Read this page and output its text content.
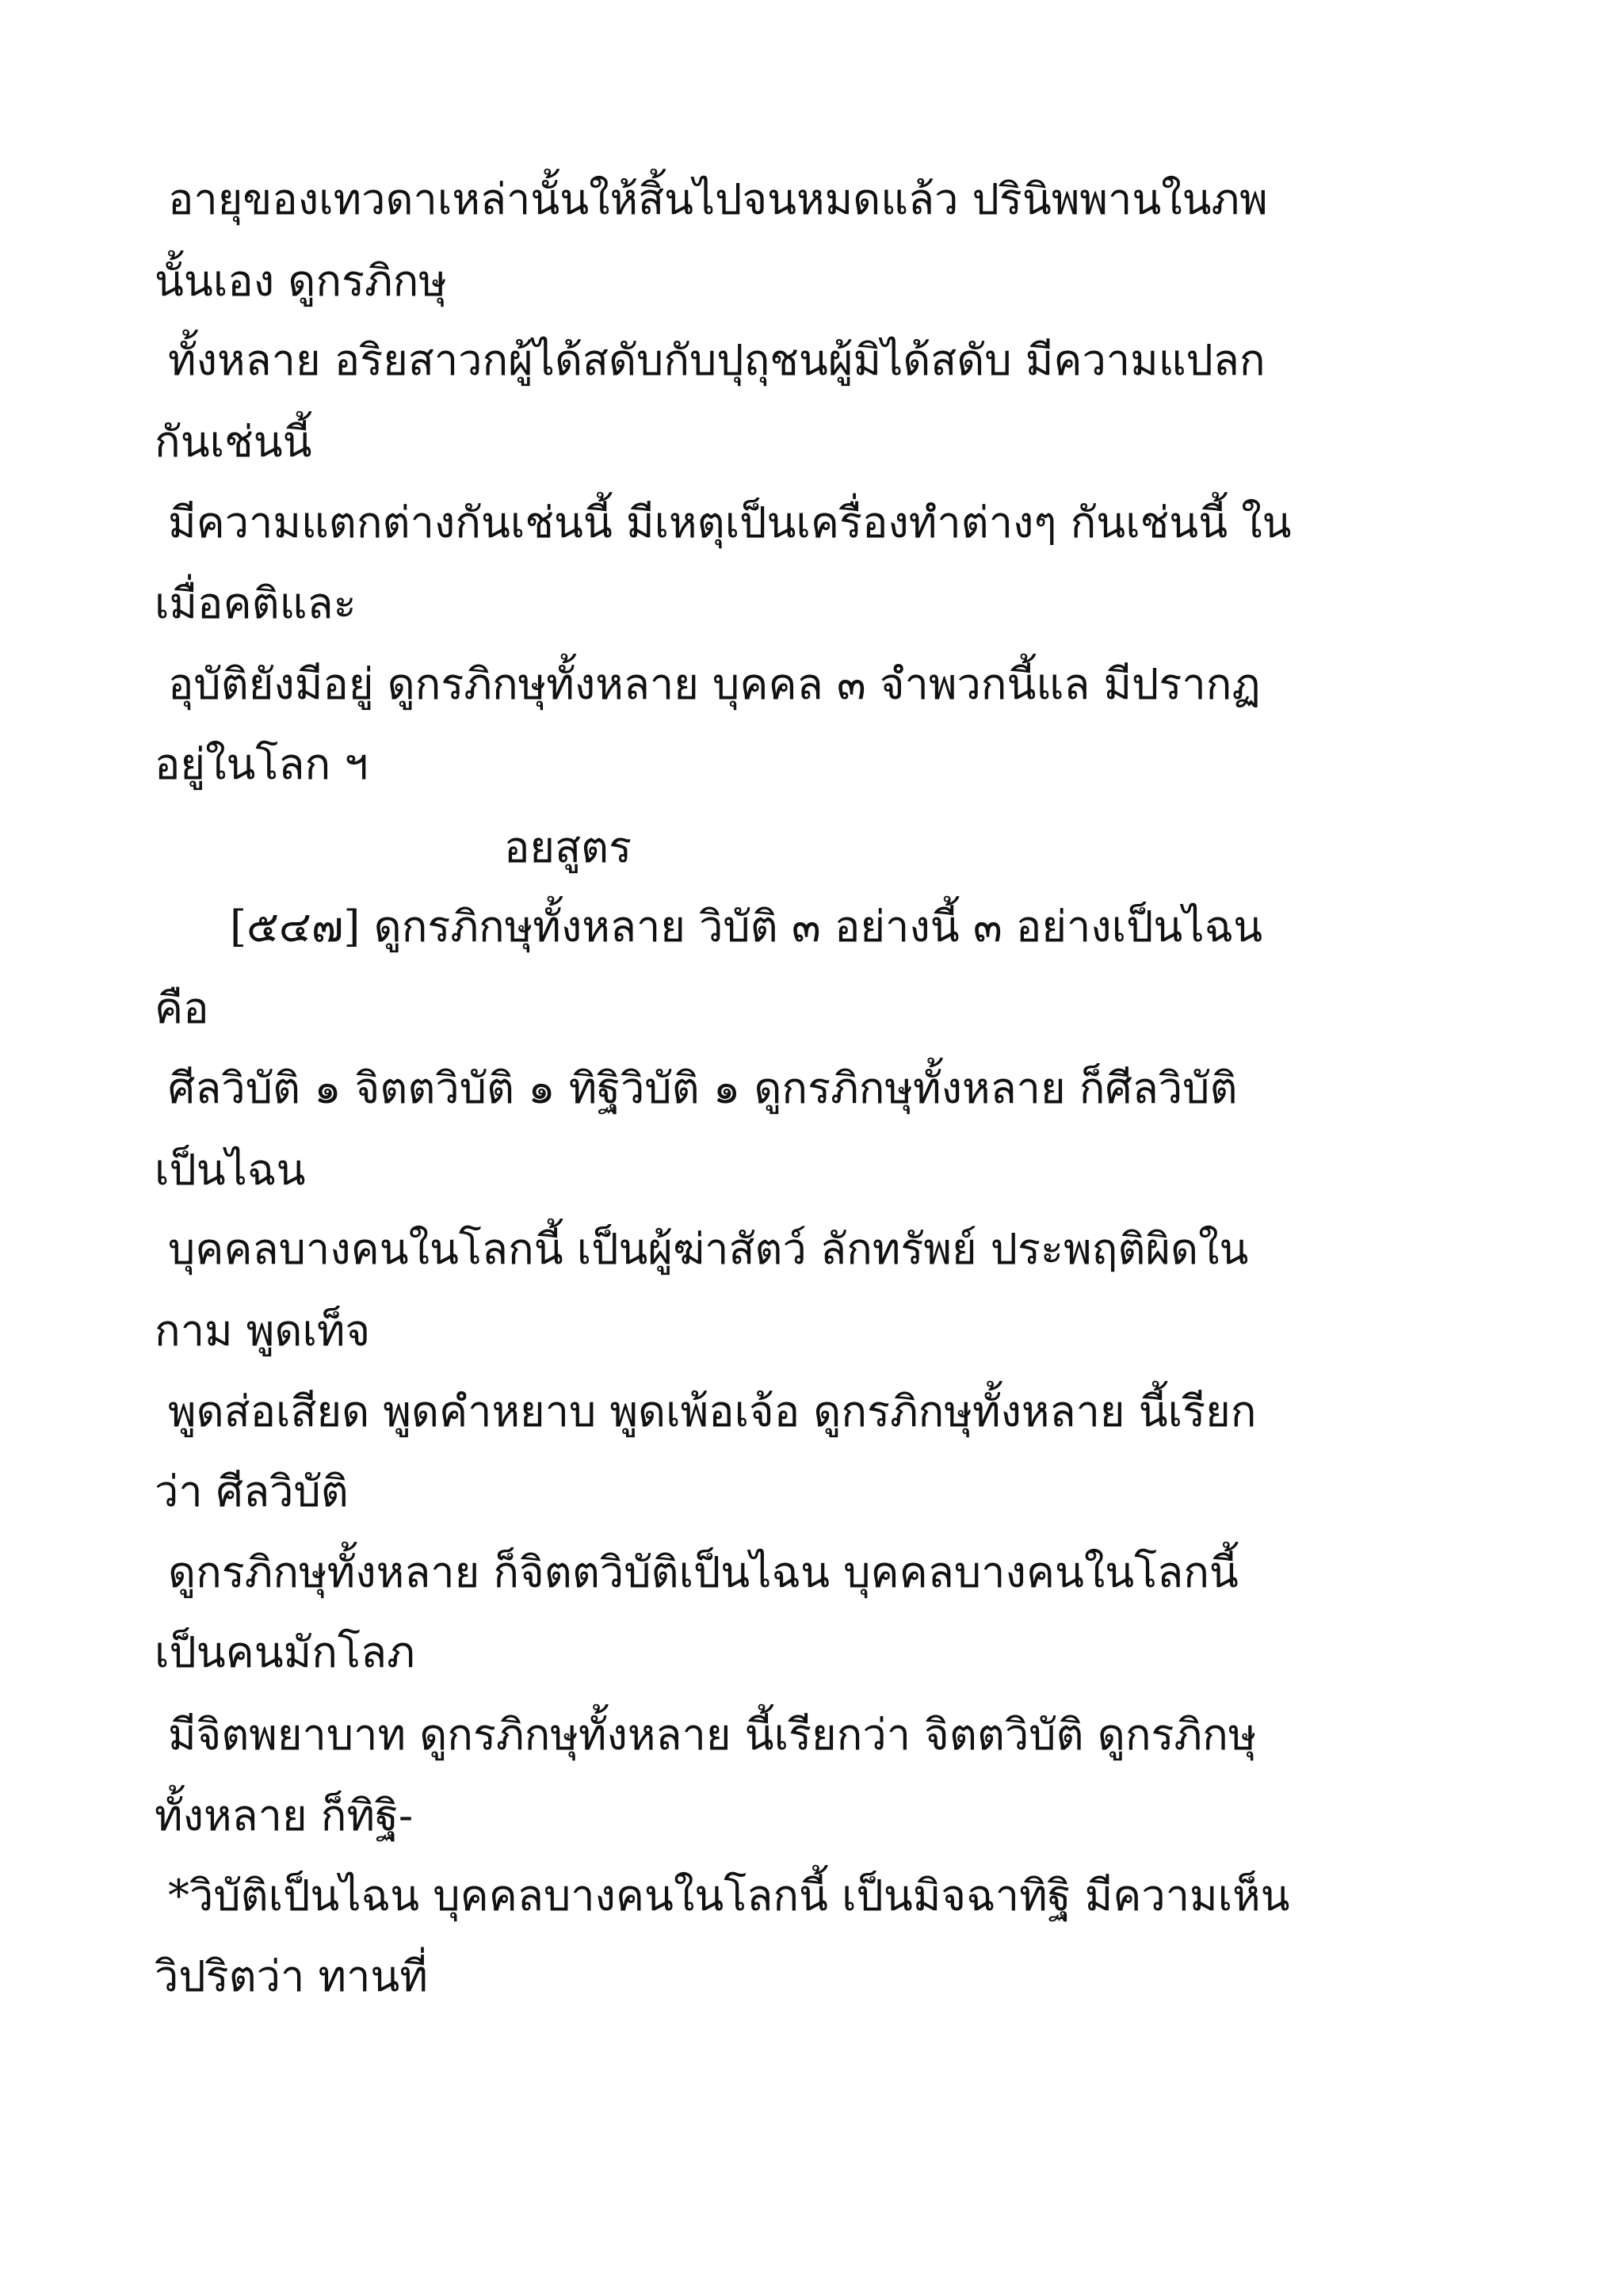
อายุของเทวดาเหล่านั้นให้สิ้นไปจนหมดแล้ว ปรินิพพานในภพ
นั้นเอง ดูกรภิกษุ
ทั้งหลาย อริยสาวกผู้ได้สดับกับปุถุชนผู้มิได้สดับ มีความแปลก
กันเช่นนี้
มีความแตกต่างกันเช่นนี้ มีเหตุเป็นเครื่องทำต่างๆ กันเช่นนี้ ใน
เมื่อคติและ
อุบัติยังมีอยู่ ดูกรภิกษุทั้งหลาย บุคคล ๓ จำพวกนี้แล มีปรากฏ
อยู่ในโลก ฯ
อยสูตร
[๕๔๗] ดูกรภิกษุทั้งหลาย วิบัติ ๓ อย่างนี้ ๓ อย่างเป็นไฉน
คือ
ศีลวิบัติ ๑ จิตตวิบัติ ๑ ทิฐิวิบัติ ๑ ดูกรภิกษุทั้งหลาย ก็ศีลวิบัติ
เป็นไฉน
บุคคลบางคนในโลกนี้ เป็นผู้ฆ่าสัตว์ ลักทรัพย์ ประพฤติผิดใน
กาม พูดเท็จ
พูดส่อเสียด พูดคำหยาบ พูดเพ้อเจ้อ ดูกรภิกษุทั้งหลาย นี้เรียก
ว่า ศีลวิบัติ
ดูกรภิกษุทั้งหลาย ก็จิตตวิบัติเป็นไฉน บุคคลบางคนในโลกนี้
เป็นคนมักโลภ
มีจิตพยาบาท ดูกรภิกษุทั้งหลาย นี้เรียกว่า จิตตวิบัติ ดูกรภิกษุ
ทั้งหลาย ก็ทิฐิ-
*วิบัติเป็นไฉน บุคคลบางคนในโลกนี้ เป็นมิจฉาทิฐิ มีความเห็น
วิปริตว่า ทานที่
